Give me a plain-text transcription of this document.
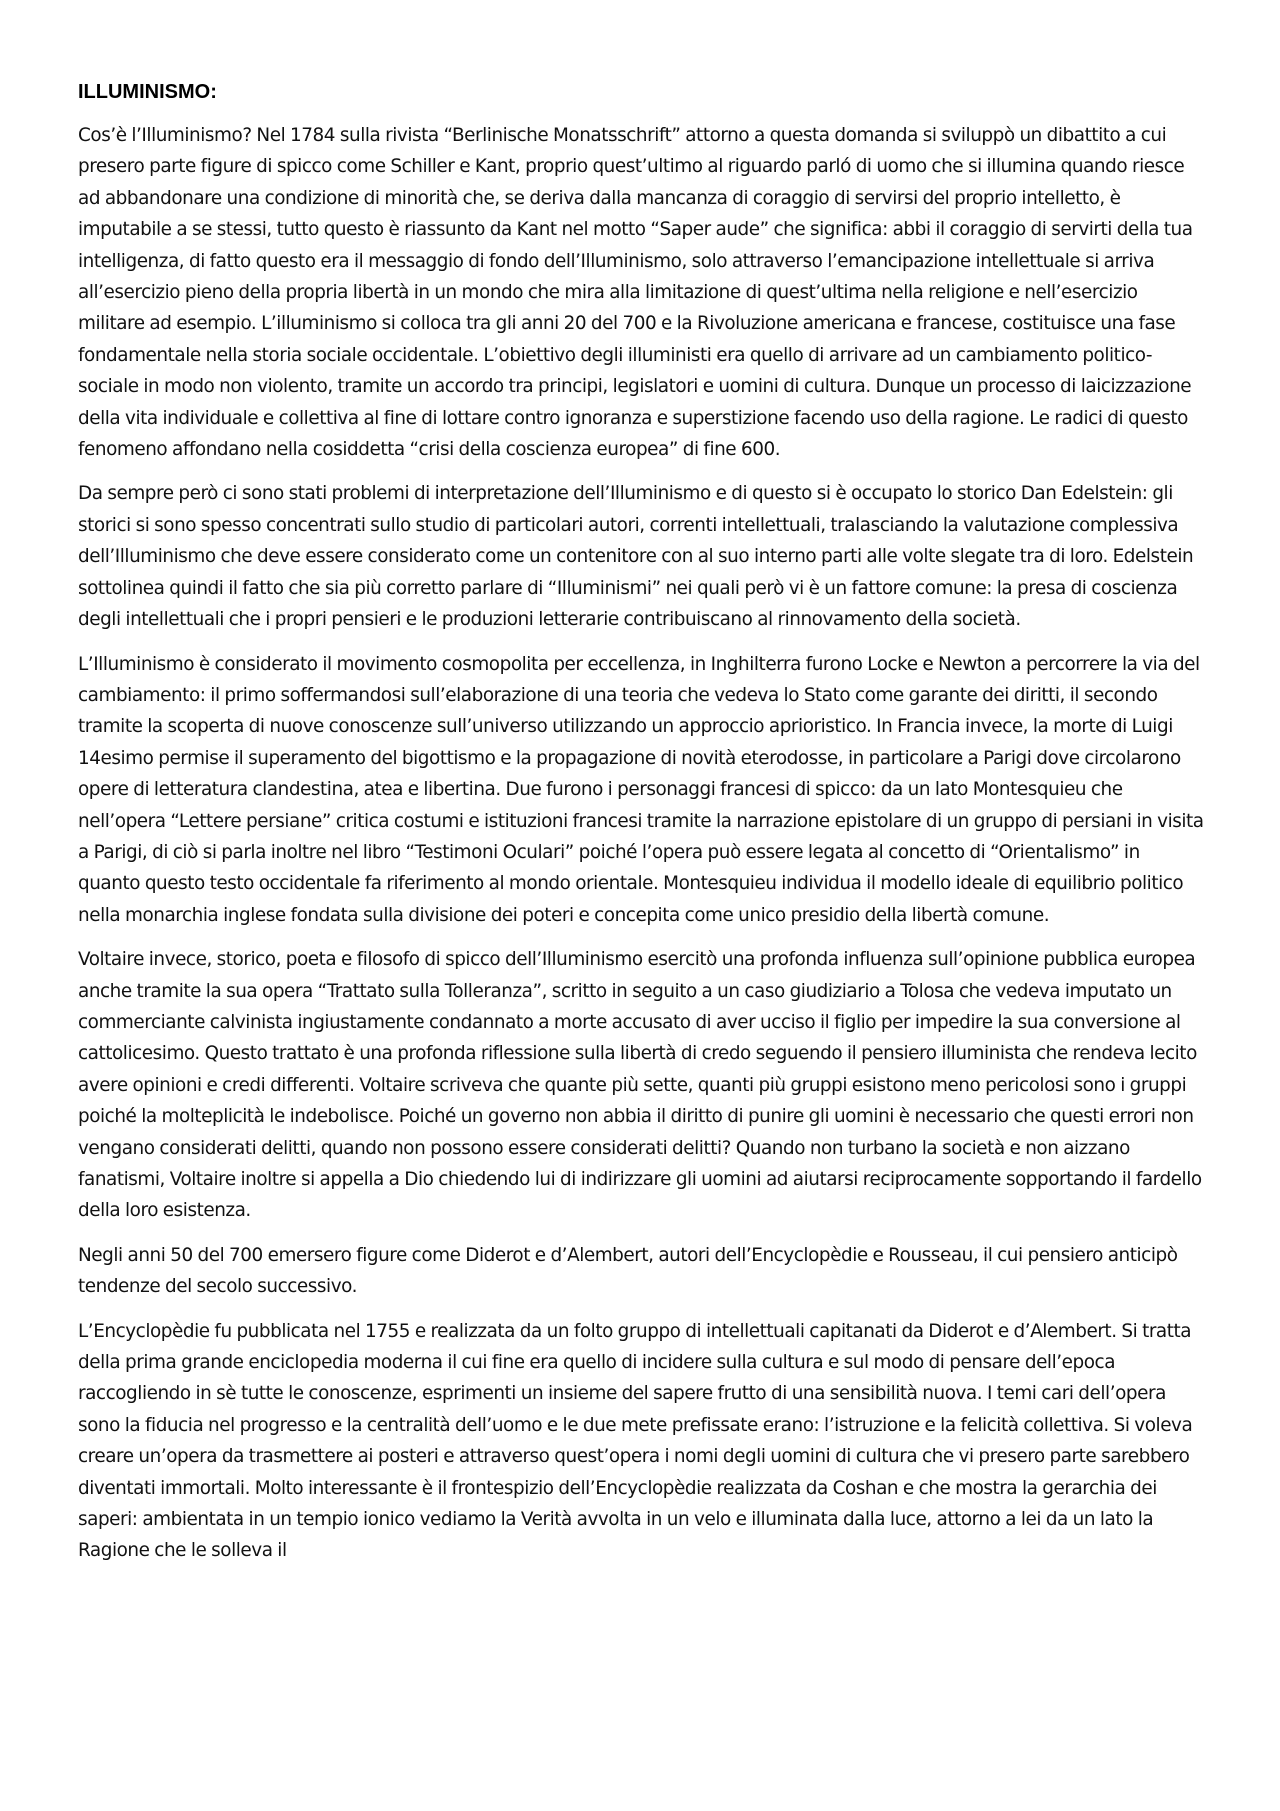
ILLUMINISMO:

Cos’è l’Illuminismo? Nel 1784 sulla rivista “Berlinische Monatsschrift” attorno a questa domanda si sviluppò un dibattito a cui presero parte figure di spicco come Schiller e Kant, proprio quest’ultimo al riguardo parló di uomo che si illumina quando riesce ad abbandonare una condizione di minorità che, se deriva dalla mancanza di coraggio di servirsi del proprio intelletto, è imputabile a se stessi, tutto questo è riassunto da Kant nel motto “Saper aude” che significa: abbi il coraggio di servirti della tua intelligenza, di fatto questo era il messaggio di fondo dell’Illuminismo, solo attraverso l’emancipazione intellettuale si arriva all’esercizio pieno della propria libertà in un mondo che mira alla limitazione di quest’ultima nella religione e nell’esercizio militare ad esempio. L’illuminismo si colloca tra gli anni 20 del 700 e la Rivoluzione americana e francese, costituisce una fase fondamentale nella storia sociale occidentale. L’obiettivo degli illuministi era quello di arrivare ad un cambiamento politico-sociale in modo non violento, tramite un accordo tra principi, legislatori e uomini di cultura. Dunque un processo di laicizzazione della vita individuale e collettiva al fine di lottare contro ignoranza e superstizione facendo uso della ragione. Le radici di questo fenomeno affondano nella cosiddetta “crisi della coscienza europea” di fine 600.

Da sempre però ci sono stati problemi di interpretazione dell’Illuminismo e di questo si è occupato lo storico Dan Edelstein: gli storici si sono spesso concentrati sullo studio di particolari autori, correnti intellettuali, tralasciando la valutazione complessiva dell’Illuminismo che deve essere considerato come un contenitore con al suo interno parti alle volte slegate tra di loro. Edelstein sottolinea quindi il fatto che sia più corretto parlare di “Illuminismi” nei quali però vi è un fattore comune: la presa di coscienza degli intellettuali che i propri pensieri e le produzioni letterarie contribuiscano al rinnovamento della società.

L’Illuminismo è considerato il movimento cosmopolita per eccellenza, in Inghilterra furono Locke e Newton a percorrere la via del cambiamento: il primo soffermandosi sull’elaborazione di una teoria che vedeva lo Stato come garante dei diritti, il secondo tramite la scoperta di nuove conoscenze sull’universo utilizzando un approccio aprioristico. In Francia invece, la morte di Luigi 14esimo permise il superamento del bigottismo e la propagazione di novità eterodosse, in particolare a Parigi dove circolarono opere di letteratura clandestina, atea e libertina. Due furono i personaggi francesi di spicco: da un lato Montesquieu che nell’opera “Lettere persiane” critica costumi e istituzioni francesi tramite la narrazione epistolare di un gruppo di persiani in visita a Parigi, di ciò si parla inoltre nel libro “Testimoni Oculari” poiché l’opera può essere legata al concetto di “Orientalismo” in quanto questo testo occidentale fa riferimento al mondo orientale. Montesquieu individua il modello ideale di equilibrio politico nella monarchia inglese fondata sulla divisione dei poteri e concepita come unico presidio della libertà comune.

Voltaire invece, storico, poeta e filosofo di spicco dell’Illuminismo esercitò una profonda influenza sull’opinione pubblica europea anche tramite la sua opera “Trattato sulla Tolleranza”, scritto in seguito a un caso giudiziario a Tolosa che vedeva imputato un commerciante calvinista ingiustamente condannato a morte accusato di aver ucciso il figlio per impedire la sua conversione al cattolicesimo. Questo trattato è una profonda riflessione sulla libertà di credo seguendo il pensiero illuminista che rendeva lecito avere opinioni e credi differenti. Voltaire scriveva che quante più sette, quanti più gruppi esistono meno pericolosi sono i gruppi poiché la molteplicità le indebolisce. Poiché un governo non abbia il diritto di punire gli uomini è necessario che questi errori non vengano considerati delitti, quando non possono essere considerati delitti? Quando non turbano la società e non aizzano fanatismi, Voltaire inoltre si appella a Dio chiedendo lui di indirizzare gli uomini ad aiutarsi reciprocamente sopportando il fardello della loro esistenza.

Negli anni 50 del 700 emersero figure come Diderot e d’Alembert, autori dell’Encyclopèdie e Rousseau, il cui pensiero anticipò tendenze del secolo successivo.

L’Encyclopèdie fu pubblicata nel 1755 e realizzata da un folto gruppo di intellettuali capitanati da Diderot e d’Alembert. Si tratta della prima grande enciclopedia moderna il cui fine era quello di incidere sulla cultura e sul modo di pensare dell’epoca raccogliendo in sè tutte le conoscenze, esprimenti un insieme del sapere frutto di una sensibilità nuova. I temi cari dell’opera sono la fiducia nel progresso e la centralità dell’uomo e le due mete prefissate erano: l’istruzione e la felicità collettiva. Si voleva creare un’opera da trasmettere ai posteri e attraverso quest’opera i nomi degli uomini di cultura che vi presero parte sarebbero diventati immortali. Molto interessante è il frontespizio dell’Encyclopèdie realizzata da Coshan e che mostra la gerarchia dei saperi: ambientata in un tempio ionico vediamo la Verità avvolta in un velo e illuminata dalla luce, attorno a lei da un lato la Ragione che le solleva il
